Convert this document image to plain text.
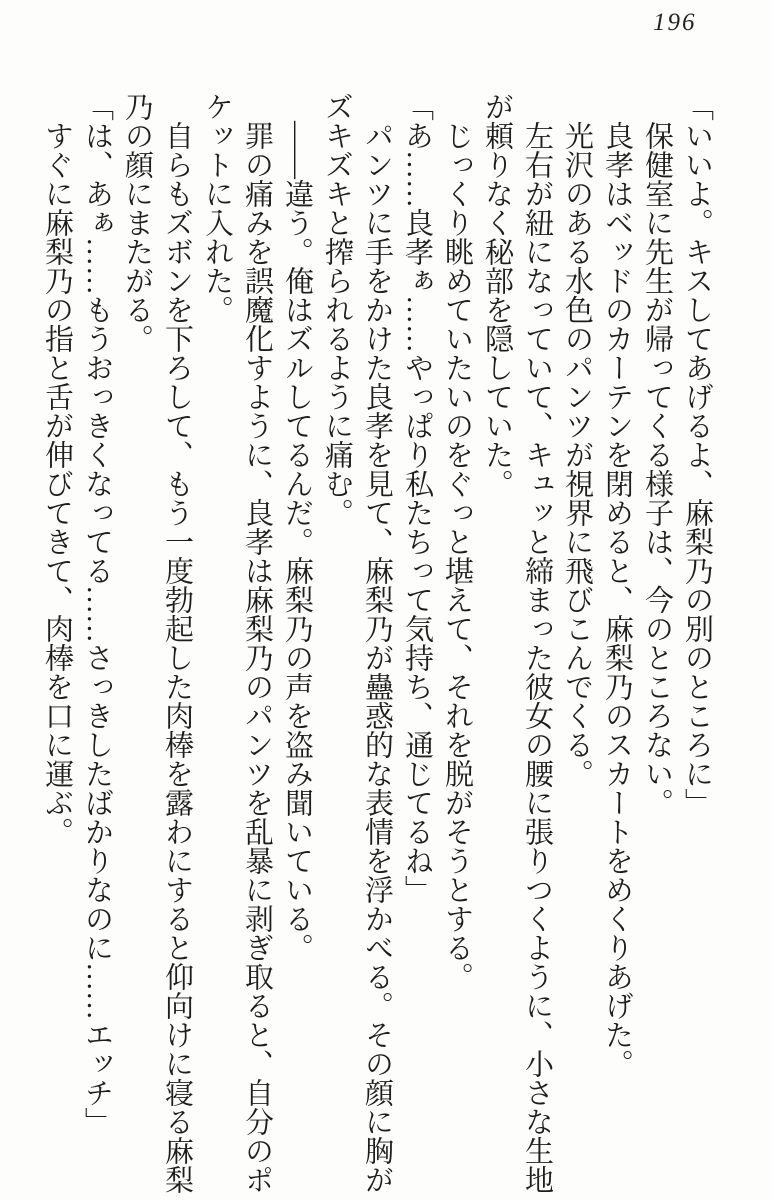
196

「いいよ。キスしてあげるよ、麻梨乃の別のところに」

保健室に先生が帰ってくる様子は、今のところない。

良孝はベッドのカーテンを閉めると、麻梨乃のスカートをめくりあげた。

光沢のある水色のパンツが視界に飛びこんでくる。

左右が紐になっていて、キュッと締まった彼女の腰に張りつくように、小さな生地が頼りなく秘部を隠していた。

じっくり眺めていたいのをぐっと堪えて、それを脱がそうとする。

「あ……良孝ぁ……やっぱり私たちって気持ち、通じてるね」

パンツに手をかけた良孝を見て、麻梨乃が蠱惑的な表情を浮かべる。その顔に胸がズキズキと搾られるように痛む。

――違う。俺はズルしてるんだ。麻梨乃の声を盗み聞いている。

罪の痛みを誤魔化すように、良孝は麻梨乃のパンツを乱暴に剥ぎ取ると、自分のポケットに入れた。

自らもズボンを下ろして、もう一度勃起した肉棒を露わにすると仰向けに寝る麻梨乃の顔にまたがる。

「は、あぁ……もうおっきくなってる……さっきしたばかりなのに……エッチ」

すぐに麻梨乃の指と舌が伸びてきて、肉棒を口に運ぶ。
